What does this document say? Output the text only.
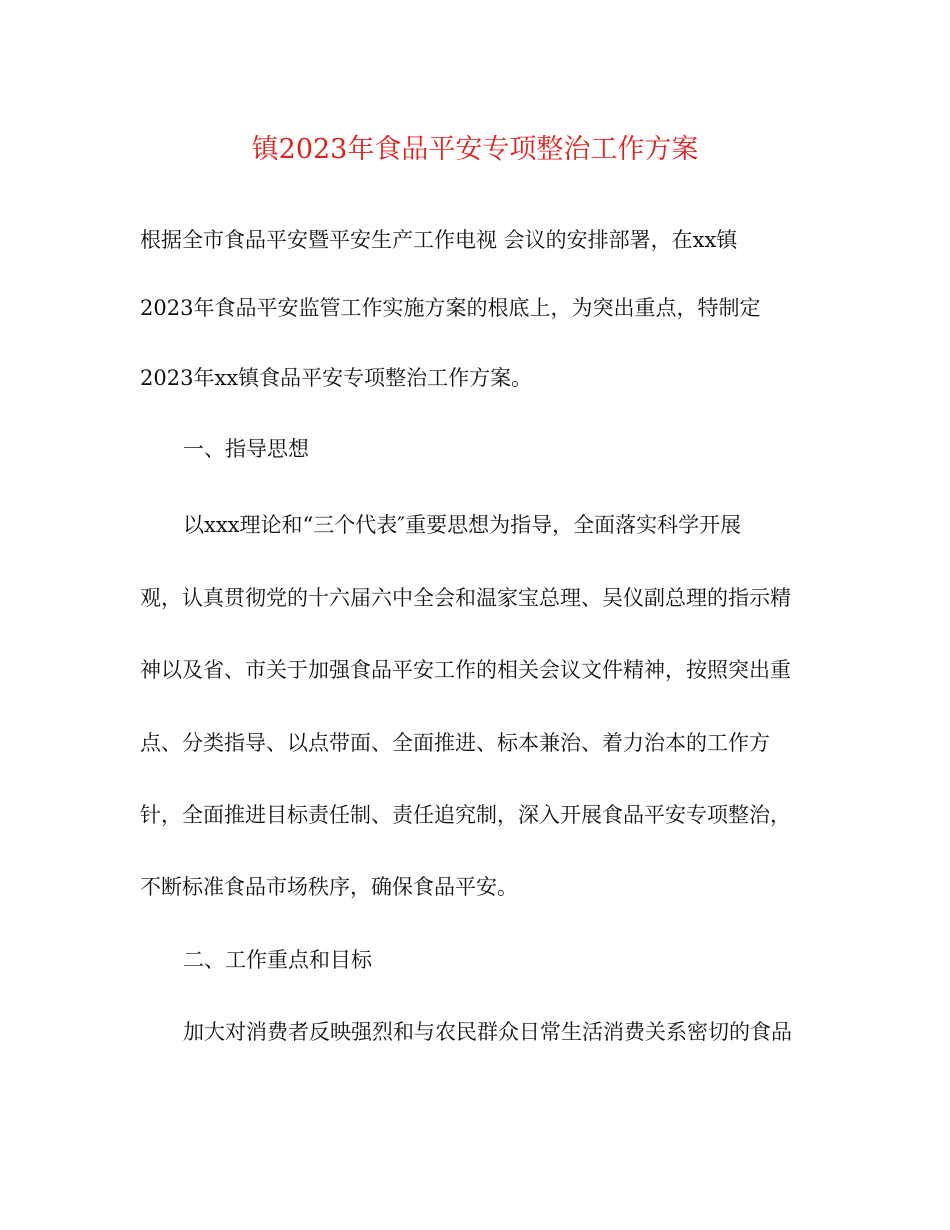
镇2023年食品平安专项整治工作方案

根据全市食品平安暨平安生产工作电视 会议的安排部署，在xx镇

2023年食品平安监管工作实施方案的根底上，为突出重点，特制定

2023年xx镇食品平安专项整治工作方案。

一、指导思想

以xxx理论和“三个代表″重要思想为指导，全面落实科学开展

观，认真贯彻党的十六届六中全会和温家宝总理、吴仪副总理的指示精

神以及省、市关于加强食品平安工作的相关会议文件精神，按照突出重

点、分类指导、以点带面、全面推进、标本兼治、着力治本的工作方

针，全面推进目标责任制、责任追究制，深入开展食品平安专项整治，

不断标准食品市场秩序，确保食品平安。

二、工作重点和目标

加大对消费者反映强烈和与农民群众日常生活消费关系密切的食品
